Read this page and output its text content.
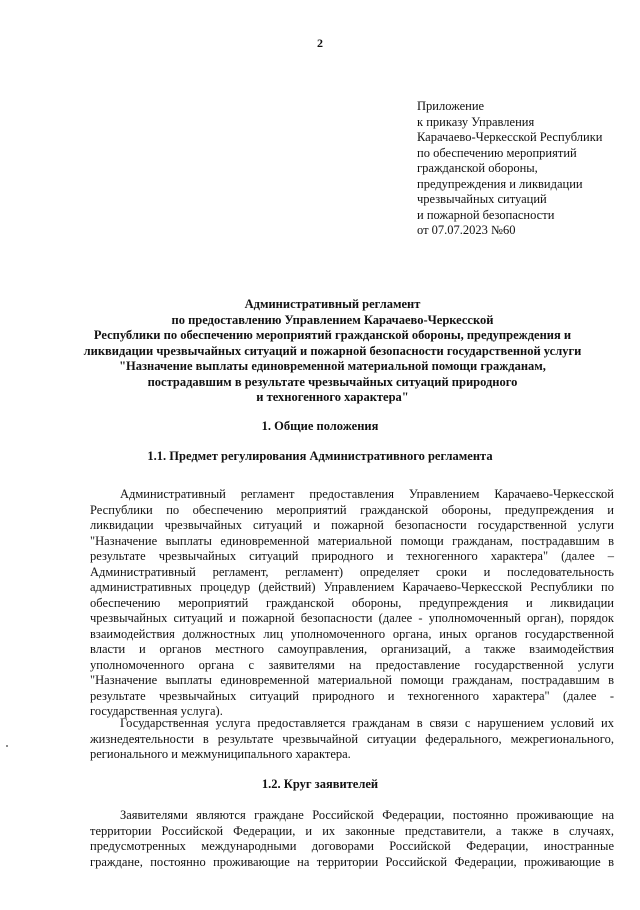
2
Приложение
к приказу Управления
Карачаево-Черкесской Республики
по обеспечению мероприятий
гражданской обороны,
предупреждения и ликвидации
чрезвычайных ситуаций
и пожарной безопасности
от 07.07.2023 №60
Административный регламент
по предоставлению Управлением Карачаево-Черкесской
Республики по обеспечению мероприятий гражданской обороны, предупреждения и
ликвидации чрезвычайных ситуаций и пожарной безопасности государственной услуги
"Назначение выплаты единовременной материальной помощи гражданам,
пострадавшим в результате чрезвычайных ситуаций природного
и техногенного характера"
1. Общие положения
1.1. Предмет регулирования Административного регламента
Административный регламент предоставления Управлением Карачаево-Черкесской
Республики по обеспечению мероприятий гражданской обороны, предупреждения и
ликвидации чрезвычайных ситуаций и пожарной безопасности государственной услуги
"Назначение выплаты единовременной материальной помощи гражданам, пострадавшим в
результате чрезвычайных ситуаций природного и техногенного характера" (далее –
Административный регламент, регламент) определяет сроки и последовательность
административных процедур (действий) Управлением Карачаево-Черкесской Республики по
обеспечению мероприятий гражданской обороны, предупреждения и ликвидации
чрезвычайных ситуаций и пожарной безопасности (далее - уполномоченный орган), порядок
взаимодействия должностных лиц уполномоченного органа, иных органов государственной
власти и органов местного самоуправления, организаций, а также взаимодействия
уполномоченного органа с заявителями на предоставление государственной услуги
"Назначение выплаты единовременной материальной помощи гражданам, пострадавшим в
результате чрезвычайных ситуаций природного и техногенного характера" (далее -
государственная услуга).
Государственная услуга предоставляется гражданам в связи с нарушением условий их
жизнедеятельности в результате чрезвычайной ситуации федерального, межрегионального,
регионального и межмуниципального характера.
1.2. Круг заявителей
Заявителями являются граждане Российской Федерации, постоянно проживающие на
территории Российской Федерации, и их законные представители, а также в случаях,
предусмотренных международными договорами Российской Федерации, иностранные
граждане, постоянно проживающие на территории Российской Федерации, проживающие в
